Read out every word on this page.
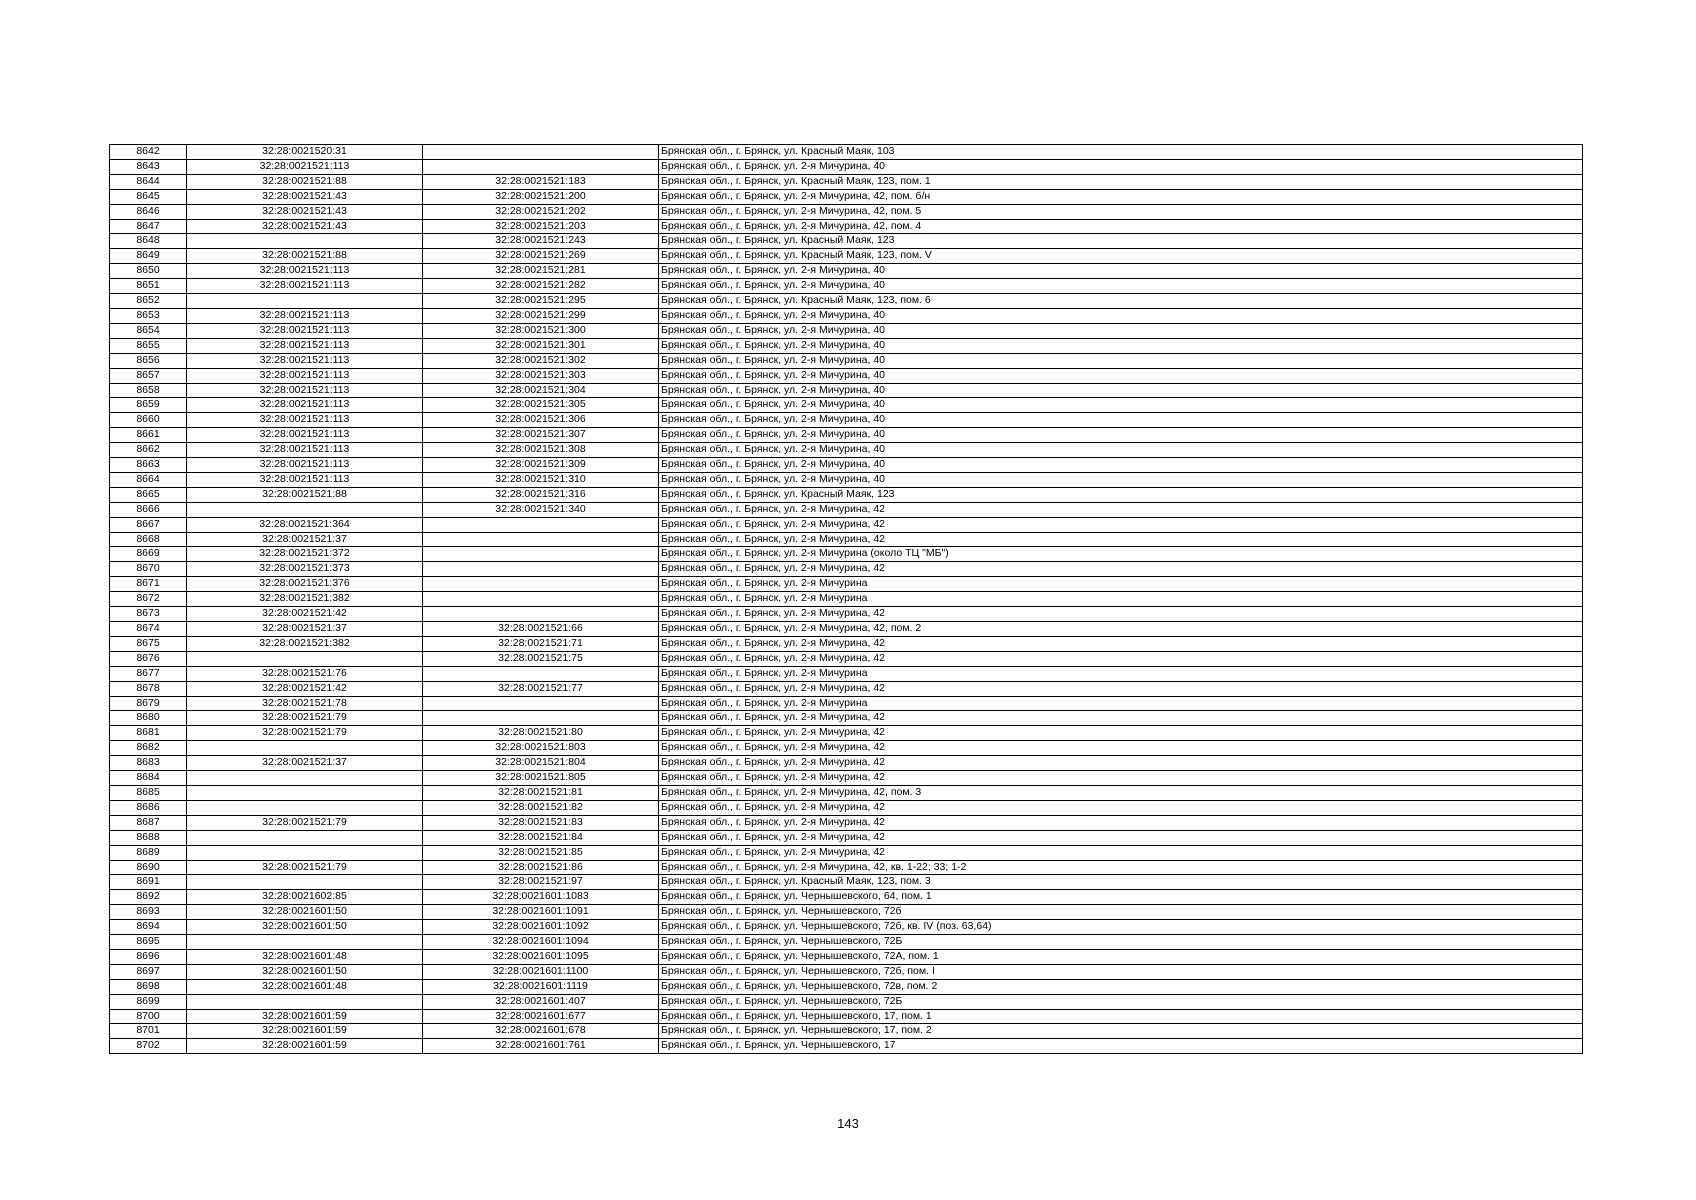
8642	32:28:0021520:31		Брянская обл., г. Брянск, ул. Красный Маяк, 103
8643	32:28:0021521:113		Брянская обл., г. Брянск, ул. 2-я Мичурина, 40
8644	32:28:0021521:88	32:28:0021521:183	Брянская обл., г. Брянск, ул. Красный Маяк, 123, пом. 1
8645	32:28:0021521:43	32:28:0021521:200	Брянская обл., г. Брянск, ул. 2-я Мичурина, 42, пом. б/н
8646	32:28:0021521:43	32:28:0021521:202	Брянская обл., г. Брянск, ул. 2-я Мичурина, 42, пом. 5
8647	32:28:0021521:43	32:28:0021521:203	Брянская обл., г. Брянск, ул. 2-я Мичурина, 42, пом. 4
8648		32:28:0021521:243	Брянская обл., г. Брянск, ул. Красный Маяк, 123
8649	32:28:0021521:88	32:28:0021521:269	Брянская обл., г. Брянск, ул. Красный Маяк, 123, пом. V
8650	32:28:0021521:113	32:28:0021521:281	Брянская обл., г. Брянск, ул. 2-я Мичурина, 40
8651	32:28:0021521:113	32:28:0021521:282	Брянская обл., г. Брянск, ул. 2-я Мичурина, 40
8652		32:28:0021521:295	Брянская обл., г. Брянск, ул. Красный Маяк, 123, пом. 6
8653	32:28:0021521:113	32:28:0021521:299	Брянская обл., г. Брянск, ул. 2-я Мичурина, 40
8654	32:28:0021521:113	32:28:0021521:300	Брянская обл., г. Брянск, ул. 2-я Мичурина, 40
8655	32:28:0021521:113	32:28:0021521:301	Брянская обл., г. Брянск, ул. 2-я Мичурина, 40
8656	32:28:0021521:113	32:28:0021521:302	Брянская обл., г. Брянск, ул. 2-я Мичурина, 40
8657	32:28:0021521:113	32:28:0021521:303	Брянская обл., г. Брянск, ул. 2-я Мичурина, 40
8658	32:28:0021521:113	32:28:0021521:304	Брянская обл., г. Брянск, ул. 2-я Мичурина, 40
8659	32:28:0021521:113	32:28:0021521:305	Брянская обл., г. Брянск, ул. 2-я Мичурина, 40
8660	32:28:0021521:113	32:28:0021521:306	Брянская обл., г. Брянск, ул. 2-я Мичурина, 40
8661	32:28:0021521:113	32:28:0021521:307	Брянская обл., г. Брянск, ул. 2-я Мичурина, 40
8662	32:28:0021521:113	32:28:0021521:308	Брянская обл., г. Брянск, ул. 2-я Мичурина, 40
8663	32:28:0021521:113	32:28:0021521:309	Брянская обл., г. Брянск, ул. 2-я Мичурина, 40
8664	32:28:0021521:113	32:28:0021521:310	Брянская обл., г. Брянск, ул. 2-я Мичурина, 40
8665	32:28:0021521:88	32:28:0021521:316	Брянская обл., г. Брянск, ул. Красный Маяк, 123
8666		32:28:0021521:340	Брянская обл., г. Брянск, ул. 2-я Мичурина, 42
8667	32:28:0021521:364		Брянская обл., г. Брянск, ул. 2-я Мичурина, 42
8668	32:28:0021521:37		Брянская обл., г. Брянск, ул. 2-я Мичурина, 42
8669	32:28:0021521:372		Брянская обл., г. Брянск, ул. 2-я Мичурина (около ТЦ "МБ")
8670	32:28:0021521:373		Брянская обл., г. Брянск, ул. 2-я Мичурина, 42
8671	32:28:0021521:376		Брянская обл., г. Брянск, ул. 2-я Мичурина
8672	32:28:0021521:382		Брянская обл., г. Брянск, ул. 2-я Мичурина
8673	32:28:0021521:42		Брянская обл., г. Брянск, ул. 2-я Мичурина, 42
8674	32:28:0021521:37	32:28:0021521:66	Брянская обл., г. Брянск, ул. 2-я Мичурина, 42, пом. 2
8675	32:28:0021521:382	32:28:0021521:71	Брянская обл., г. Брянск, ул. 2-я Мичурина, 42
8676		32:28:0021521:75	Брянская обл., г. Брянск, ул. 2-я Мичурина, 42
8677	32:28:0021521:76		Брянская обл., г. Брянск, ул. 2-я Мичурина
8678	32:28:0021521:42	32:28:0021521:77	Брянская обл., г. Брянск, ул. 2-я Мичурина, 42
8679	32:28:0021521:78		Брянская обл., г. Брянск, ул. 2-я Мичурина
8680	32:28:0021521:79		Брянская обл., г. Брянск, ул. 2-я Мичурина, 42
8681	32:28:0021521:79	32:28:0021521:80	Брянская обл., г. Брянск, ул. 2-я Мичурина, 42
8682		32:28:0021521:803	Брянская обл., г. Брянск, ул. 2-я Мичурина, 42
8683	32:28:0021521:37	32:28:0021521:804	Брянская обл., г. Брянск, ул. 2-я Мичурина, 42
8684		32:28:0021521:805	Брянская обл., г. Брянск, ул. 2-я Мичурина, 42
8685		32:28:0021521:81	Брянская обл., г. Брянск, ул. 2-я Мичурина, 42, пом. 3
8686		32:28:0021521:82	Брянская обл., г. Брянск, ул. 2-я Мичурина, 42
8687	32:28:0021521:79	32:28:0021521:83	Брянская обл., г. Брянск, ул. 2-я Мичурина, 42
8688		32:28:0021521:84	Брянская обл., г. Брянск, ул. 2-я Мичурина, 42
8689		32:28:0021521:85	Брянская обл., г. Брянск, ул. 2-я Мичурина, 42
8690	32:28:0021521:79	32:28:0021521:86	Брянская обл., г. Брянск, ул. 2-я Мичурина, 42, кв. 1-22; 33; 1-2
8691		32:28:0021521:97	Брянская обл., г. Брянск, ул. Красный Маяк, 123, пом. 3
8692	32:28:0021602:85	32:28:0021601:1083	Брянская обл., г. Брянск, ул. Чернышевского, 64, пом. 1
8693	32:28:0021601:50	32:28:0021601:1091	Брянская обл., г. Брянск, ул. Чернышевского, 72б
8694	32:28:0021601:50	32:28:0021601:1092	Брянская обл., г. Брянск, ул. Чернышевского, 72б, кв. IV (поз. 63,64)
8695		32:28:0021601:1094	Брянская обл., г. Брянск, ул. Чернышевского, 72Б
8696	32:28:0021601:48	32:28:0021601:1095	Брянская обл., г. Брянск, ул. Чернышевского, 72А, пом. 1
8697	32:28:0021601:50	32:28:0021601:1100	Брянская обл., г. Брянск, ул. Чернышевского, 72б, пом. I
8698	32:28:0021601:48	32:28:0021601:1119	Брянская обл., г. Брянск, ул. Чернышевского, 72в, пом. 2
8699		32:28:0021601:407	Брянская обл., г. Брянск, ул. Чернышевского, 72Б
8700	32:28:0021601:59	32:28:0021601:677	Брянская обл., г. Брянск, ул. Чернышевского, 17, пом. 1
8701	32:28:0021601:59	32:28:0021601:678	Брянская обл., г. Брянск, ул. Чернышевского, 17, пом. 2
8702	32:28:0021601:59	32:28:0021601:761	Брянская обл., г. Брянск, ул. Чернышевского, 17
143
